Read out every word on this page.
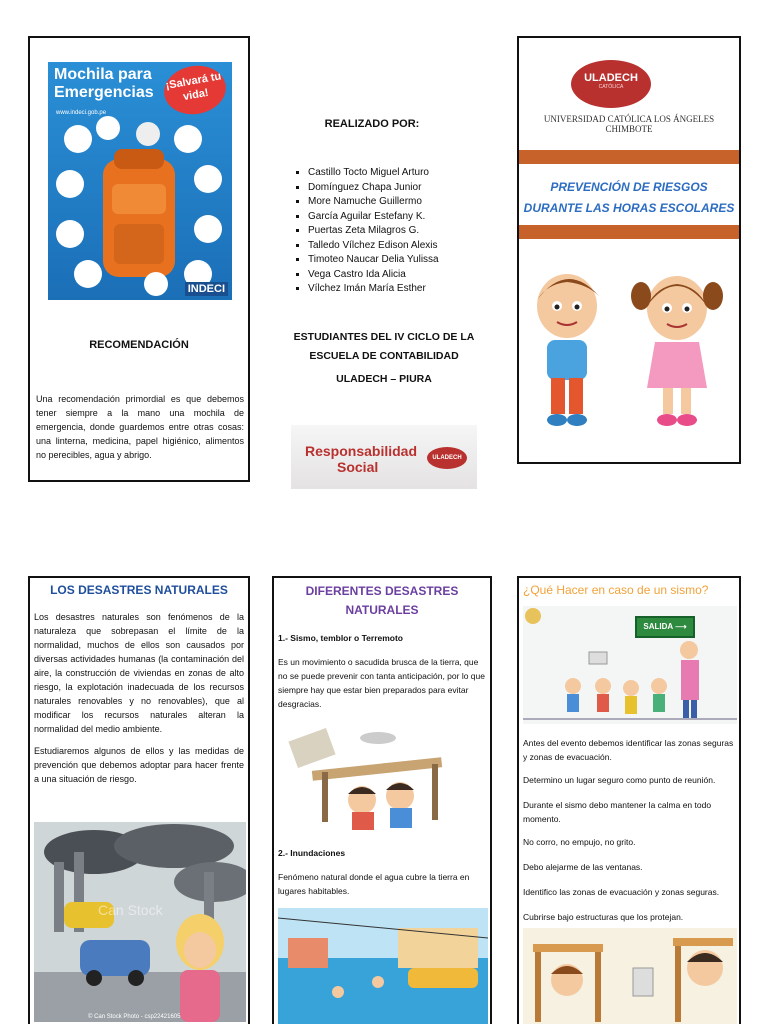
Mochila para
Emergencias
¡Salvará tu vida!
www.indeci.gob.pe
INDECI
RECOMENDACIÓN
Una recomendación primordial es que debemos tener siempre a la mano una mochila de emergencia, donde guardemos entre otras cosas: una linterna, medicina, papel higiénico, alimentos no perecibles, agua y abrigo.
REALIZADO POR:
▪ Castillo Tocto Miguel Arturo
▪ Domínguez Chapa Junior
▪ More Namuche Guillermo
▪ García Aguilar Estefany K.
▪ Puertas Zeta Milagros G.
▪ Talledo Vílchez Edison Alexis
▪ Timoteo Naucar Delia Yulissa
▪ Vega Castro Ida Alicia
▪ Vílchez Imán María Esther
ESTUDIANTES DEL IV CICLO DE LA
ESCUELA DE CONTABILIDAD
ULADECH – PIURA
Responsabilidad
Social
ULADECH
ULADECH
CATÓLICA
UNIVERSIDAD CATÓLICA LOS ÁNGELES
CHIMBOTE
PREVENCIÓN DE RIESGOS
DURANTE LAS HORAS ESCOLARES
LOS DESASTRES NATURALES
Los desastres naturales son fenómenos de la naturaleza que sobrepasan el límite de la normalidad, muchos de ellos son causados por diversas actividades humanas (la contaminación del aire, la construcción de viviendas en zonas de alto riesgo, la explotación inadecuada de los recursos naturales renovables y no renovables), que al modificar los recursos naturales alteran la normalidad del medio ambiente.
Estudiaremos algunos de ellos y las medidas de prevención que debemos adoptar para hacer frente a una situación de riesgo.
Can Stock
© Can Stock Photo - csp22421605
DIFERENTES DESASTRES
NATURALES
1.- Sismo, temblor o Terremoto
Es un movimiento o sacudida brusca de la tierra, que no se puede prevenir con tanta anticipación, por lo que siempre hay que estar bien preparados para evitar desgracias.
2.- Inundaciones
Fenómeno natural donde el agua cubre la tierra en lugares habitables.
¿Qué Hacer en caso de un sismo?
SALIDA ⟶
Antes del evento debemos identificar las zonas seguras y zonas de evacuación.
Determino un lugar seguro como punto de reunión.
Durante el sismo debo mantener la calma en todo momento.
No corro, no empujo, no grito.
Debo alejarme de las ventanas.
Identifico las zonas de evacuación y zonas seguras.
Cubrirse bajo estructuras que los protejan.
